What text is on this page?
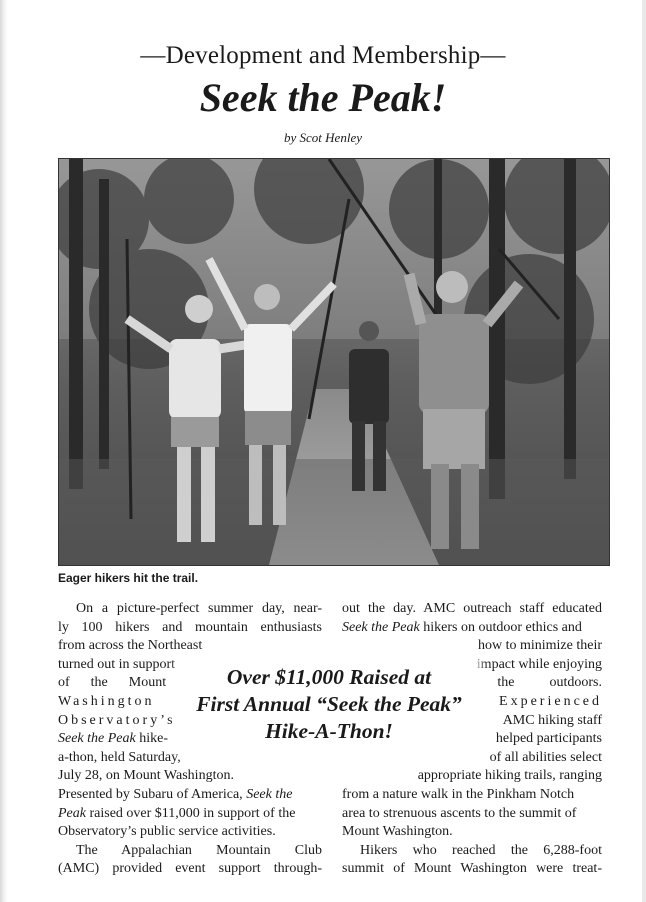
—Development and Membership—
Seek the Peak!
by Scot Henley
Eager hikers hit the trail.
On a picture-perfect summer day, near-
ly 100 hikers and mountain enthusiasts
from across the Northeast
turned out in support
of the Mount
Washington
Observatory’s
Seek the Peak hike-
a-thon, held Saturday,
July 28, on Mount Washington.
Presented by Subaru of America, Seek the
Peak raised over $11,000 in support of the
Observatory’s public service activities.
The Appalachian Mountain Club
(AMC) provided event support through-
out the day. AMC outreach staff educated
Seek the Peak hikers on outdoor ethics and
how to minimize their
impact while enjoying
the	outdoors.
Experienced
AMC hiking staff
helped participants
of all abilities select
appropriate hiking trails, ranging
from a nature walk in the Pinkham Notch
area to strenuous ascents to the summit of
Mount Washington.
Hikers who reached the 6,288-foot
summit of Mount Washington were treat-
Over $11,000 Raised at
First Annual “Seek the Peak”
Hike-A-Thon!
